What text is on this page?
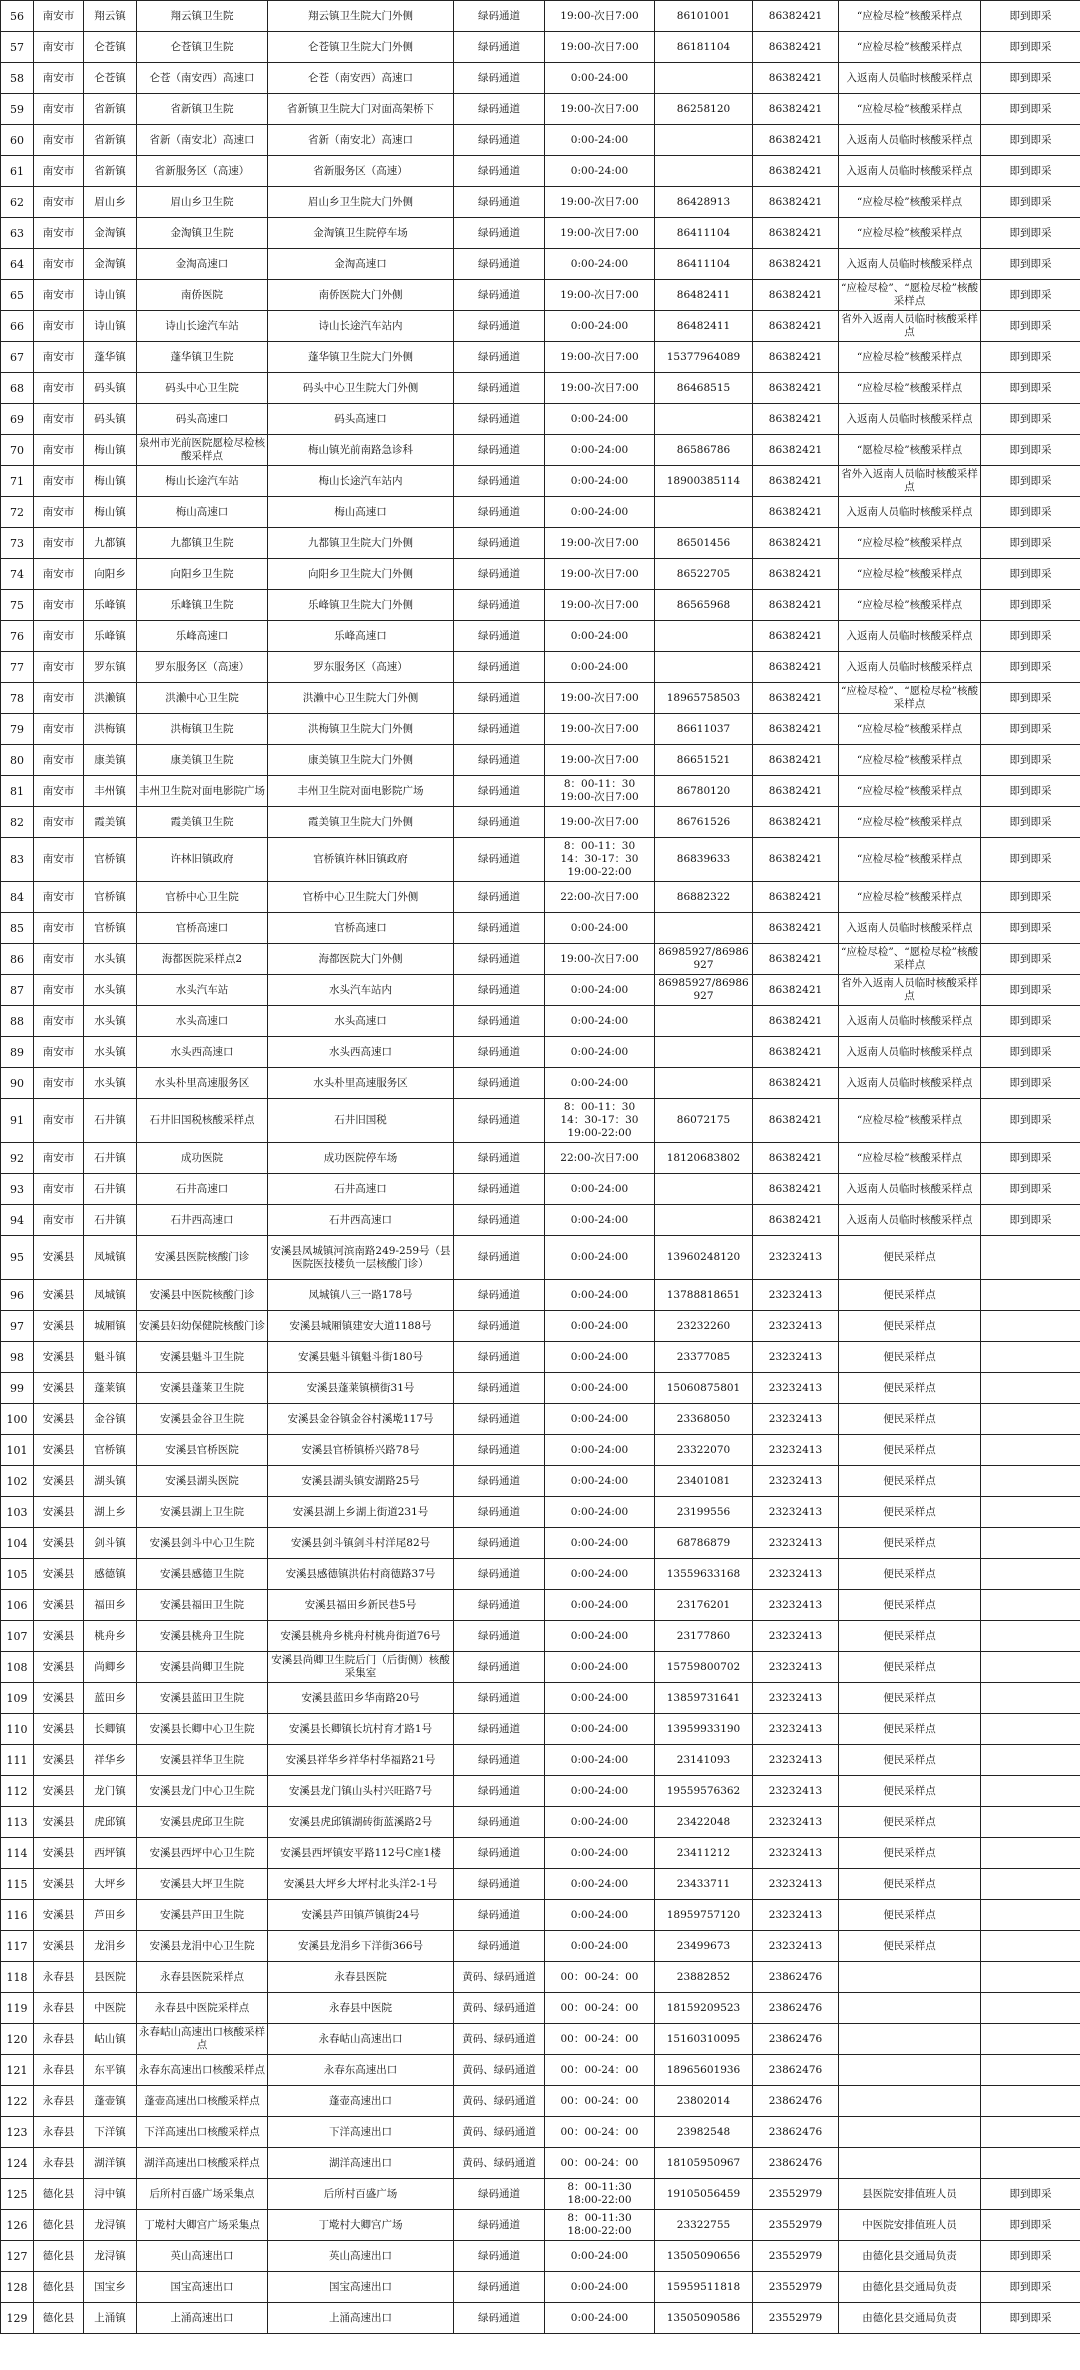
56	南安市	翔云镇	翔云镇卫生院	翔云镇卫生院大门外侧	绿码通道	19:00-次日7:00	86101001	86382421	“应检尽检”核酸采样点	即到即采
57	南安市	仑苍镇	仑苍镇卫生院	仑苍镇卫生院大门外侧	绿码通道	19:00-次日7:00	86181104	86382421	“应检尽检”核酸采样点	即到即采
58	南安市	仑苍镇	仑苍（南安西）高速口	仑苍（南安西）高速口	绿码通道	0:00-24:00		86382421	入返南人员临时核酸采样点	即到即采
59	南安市	省新镇	省新镇卫生院	省新镇卫生院大门对面高架桥下	绿码通道	19:00-次日7:00	86258120	86382421	“应检尽检”核酸采样点	即到即采
60	南安市	省新镇	省新（南安北）高速口	省新（南安北）高速口	绿码通道	0:00-24:00		86382421	入返南人员临时核酸采样点	即到即采
61	南安市	省新镇	省新服务区（高速）	省新服务区（高速）	绿码通道	0:00-24:00		86382421	入返南人员临时核酸采样点	即到即采
62	南安市	眉山乡	眉山乡卫生院	眉山乡卫生院大门外侧	绿码通道	19:00-次日7:00	86428913	86382421	“应检尽检”核酸采样点	即到即采
63	南安市	金淘镇	金淘镇卫生院	金淘镇卫生院停车场	绿码通道	19:00-次日7:00	86411104	86382421	“应检尽检”核酸采样点	即到即采
64	南安市	金淘镇	金淘高速口	金淘高速口	绿码通道	0:00-24:00	86411104	86382421	入返南人员临时核酸采样点	即到即采
65	南安市	诗山镇	南侨医院	南侨医院大门外侧	绿码通道	19:00-次日7:00	86482411	86382421	“应检尽检”、“愿检尽检”核酸采样点	即到即采
66	南安市	诗山镇	诗山长途汽车站	诗山长途汽车站内	绿码通道	0:00-24:00	86482411	86382421	省外入返南人员临时核酸采样点	即到即采
67	南安市	蓬华镇	蓬华镇卫生院	蓬华镇卫生院大门外侧	绿码通道	19:00-次日7:00	15377964089	86382421	“应检尽检”核酸采样点	即到即采
68	南安市	码头镇	码头中心卫生院	码头中心卫生院大门外侧	绿码通道	19:00-次日7:00	86468515	86382421	“应检尽检”核酸采样点	即到即采
69	南安市	码头镇	码头高速口	码头高速口	绿码通道	0:00-24:00		86382421	入返南人员临时核酸采样点	即到即采
70	南安市	梅山镇	泉州市光前医院愿检尽检核酸采样点	梅山镇光前南路急诊科	绿码通道	0:00-24:00	86586786	86382421	“愿检尽检”核酸采样点	即到即采
71	南安市	梅山镇	梅山长途汽车站	梅山长途汽车站内	绿码通道	0:00-24:00	18900385114	86382421	省外入返南人员临时核酸采样点	即到即采
72	南安市	梅山镇	梅山高速口	梅山高速口	绿码通道	0:00-24:00		86382421	入返南人员临时核酸采样点	即到即采
73	南安市	九都镇	九都镇卫生院	九都镇卫生院大门外侧	绿码通道	19:00-次日7:00	86501456	86382421	“应检尽检”核酸采样点	即到即采
74	南安市	向阳乡	向阳乡卫生院	向阳乡卫生院大门外侧	绿码通道	19:00-次日7:00	86522705	86382421	“应检尽检”核酸采样点	即到即采
75	南安市	乐峰镇	乐峰镇卫生院	乐峰镇卫生院大门外侧	绿码通道	19:00-次日7:00	86565968	86382421	“应检尽检”核酸采样点	即到即采
76	南安市	乐峰镇	乐峰高速口	乐峰高速口	绿码通道	0:00-24:00		86382421	入返南人员临时核酸采样点	即到即采
77	南安市	罗东镇	罗东服务区（高速）	罗东服务区（高速）	绿码通道	0:00-24:00		86382421	入返南人员临时核酸采样点	即到即采
78	南安市	洪濑镇	洪濑中心卫生院	洪濑中心卫生院大门外侧	绿码通道	19:00-次日7:00	18965758503	86382421	“应检尽检”、“愿检尽检”核酸采样点	即到即采
79	南安市	洪梅镇	洪梅镇卫生院	洪梅镇卫生院大门外侧	绿码通道	19:00-次日7:00	86611037	86382421	“应检尽检”核酸采样点	即到即采
80	南安市	康美镇	康美镇卫生院	康美镇卫生院大门外侧	绿码通道	19:00-次日7:00	86651521	86382421	“应检尽检”核酸采样点	即到即采
81	南安市	丰州镇	丰州卫生院对面电影院广场	丰州卫生院对面电影院广场	绿码通道	8：00-11：30
19:00-次日7:00	86780120	86382421	“应检尽检”核酸采样点	即到即采
82	南安市	霞美镇	霞美镇卫生院	霞美镇卫生院大门外侧	绿码通道	19:00-次日7:00	86761526	86382421	“应检尽检”核酸采样点	即到即采
83	南安市	官桥镇	许林旧镇政府	官桥镇许林旧镇政府	绿码通道	8：00-11：30
14：30-17：30
19:00-22:00	86839633	86382421	“应检尽检”核酸采样点	即到即采
84	南安市	官桥镇	官桥中心卫生院	官桥中心卫生院大门外侧	绿码通道	22:00-次日7:00	86882322	86382421	“应检尽检”核酸采样点	即到即采
85	南安市	官桥镇	官桥高速口	官桥高速口	绿码通道	0:00-24:00		86382421	入返南人员临时核酸采样点	即到即采
86	南安市	水头镇	海都医院采样点2	海都医院大门外侧	绿码通道	19:00-次日7:00	86985927/86986927	86382421	“应检尽检”、“愿检尽检”核酸采样点	即到即采
87	南安市	水头镇	水头汽车站	水头汽车站内	绿码通道	0:00-24:00	86985927/86986927	86382421	省外入返南人员临时核酸采样点	即到即采
88	南安市	水头镇	水头高速口	水头高速口	绿码通道	0:00-24:00		86382421	入返南人员临时核酸采样点	即到即采
89	南安市	水头镇	水头西高速口	水头西高速口	绿码通道	0:00-24:00		86382421	入返南人员临时核酸采样点	即到即采
90	南安市	水头镇	水头朴里高速服务区	水头朴里高速服务区	绿码通道	0:00-24:00		86382421	入返南人员临时核酸采样点	即到即采
91	南安市	石井镇	石井旧国税核酸采样点	石井旧国税	绿码通道	8：00-11：30
14：30-17：30
19:00-22:00	86072175	86382421	“应检尽检”核酸采样点	即到即采
92	南安市	石井镇	成功医院	成功医院停车场	绿码通道	22:00-次日7:00	18120683802	86382421	“应检尽检”核酸采样点	即到即采
93	南安市	石井镇	石井高速口	石井高速口	绿码通道	0:00-24:00		86382421	入返南人员临时核酸采样点	即到即采
94	南安市	石井镇	石井西高速口	石井西高速口	绿码通道	0:00-24:00		86382421	入返南人员临时核酸采样点	即到即采
95	安溪县	凤城镇	安溪县医院核酸门诊	安溪县凤城镇河滨南路249-259号（县医院医技楼负一层核酸门诊）	绿码通道	0:00-24:00	13960248120	23232413	便民采样点	
96	安溪县	凤城镇	安溪县中医院核酸门诊	凤城镇八三一路178号	绿码通道	0:00-24:00	13788818651	23232413	便民采样点	
97	安溪县	城厢镇	安溪县妇幼保健院核酸门诊	安溪县城厢镇建安大道1188号	绿码通道	0:00-24:00	23232260	23232413	便民采样点	
98	安溪县	魁斗镇	安溪县魁斗卫生院	安溪县魁斗镇魁斗街180号	绿码通道	0:00-24:00	23377085	23232413	便民采样点	
99	安溪县	蓬莱镇	安溪县蓬莱卫生院	安溪县蓬莱镇横街31号	绿码通道	0:00-24:00	15060875801	23232413	便民采样点	
100	安溪县	金谷镇	安溪县金谷卫生院	安溪县金谷镇金谷村溪墘117号	绿码通道	0:00-24:00	23368050	23232413	便民采样点	
101	安溪县	官桥镇	安溪县官桥医院	安溪县官桥镇桥兴路78号	绿码通道	0:00-24:00	23322070	23232413	便民采样点	
102	安溪县	湖头镇	安溪县湖头医院	安溪县湖头镇安湖路25号	绿码通道	0:00-24:00	23401081	23232413	便民采样点	
103	安溪县	湖上乡	安溪县湖上卫生院	安溪县湖上乡湖上街道231号	绿码通道	0:00-24:00	23199556	23232413	便民采样点	
104	安溪县	剑斗镇	安溪县剑斗中心卫生院	安溪县剑斗镇剑斗村洋尾82号	绿码通道	0:00-24:00	68786879	23232413	便民采样点	
105	安溪县	感德镇	安溪县感德卫生院	安溪县感德镇洪佑村商德路37号	绿码通道	0:00-24:00	13559633168	23232413	便民采样点	
106	安溪县	福田乡	安溪县福田卫生院	安溪县福田乡新民巷5号	绿码通道	0:00-24:00	23176201	23232413	便民采样点	
107	安溪县	桃舟乡	安溪县桃舟卫生院	安溪县桃舟乡桃舟村桃舟街道76号	绿码通道	0:00-24:00	23177860	23232413	便民采样点	
108	安溪县	尚卿乡	安溪县尚卿卫生院	安溪县尚卿卫生院后门（后街侧）核酸采集室	绿码通道	0:00-24:00	15759800702	23232413	便民采样点	
109	安溪县	蓝田乡	安溪县蓝田卫生院	安溪县蓝田乡华南路20号	绿码通道	0:00-24:00	13859731641	23232413	便民采样点	
110	安溪县	长卿镇	安溪县长卿中心卫生院	安溪县长卿镇长坑村育才路1号	绿码通道	0:00-24:00	13959933190	23232413	便民采样点	
111	安溪县	祥华乡	安溪县祥华卫生院	安溪县祥华乡祥华村华福路21号	绿码通道	0:00-24:00	23141093	23232413	便民采样点	
112	安溪县	龙门镇	安溪县龙门中心卫生院	安溪县龙门镇山头村兴旺路7号	绿码通道	0:00-24:00	19559576362	23232413	便民采样点	
113	安溪县	虎邱镇	安溪县虎邱卫生院	安溪县虎邱镇湖砖街蓝溪路2号	绿码通道	0:00-24:00	23422048	23232413	便民采样点	
114	安溪县	西坪镇	安溪县西坪中心卫生院	安溪县西坪镇安平路112号C座1楼	绿码通道	0:00-24:00	23411212	23232413	便民采样点	
115	安溪县	大坪乡	安溪县大坪卫生院	安溪县大坪乡大坪村北头洋2-1号	绿码通道	0:00-24:00	23433711	23232413	便民采样点	
116	安溪县	芦田乡	安溪县芦田卫生院	安溪县芦田镇芦镇街24号	绿码通道	0:00-24:00	18959757120	23232413	便民采样点	
117	安溪县	龙涓乡	安溪县龙涓中心卫生院	安溪县龙涓乡下洋街366号	绿码通道	0:00-24:00	23499673	23232413	便民采样点	
118	永春县	县医院	永春县医院采样点	永春县医院	黄码、绿码通道	00：00-24：00	23882852	23862476		
119	永春县	中医院	永春县中医院采样点	永春县中医院	黄码、绿码通道	00：00-24：00	18159209523	23862476		
120	永春县	岵山镇	永春岵山高速出口核酸采样点	永春岵山高速出口	黄码、绿码通道	00：00-24：00	15160310095	23862476		
121	永春县	东平镇	永春东高速出口核酸采样点	永春东高速出口	黄码、绿码通道	00：00-24：00	18965601936	23862476		
122	永春县	蓬壶镇	蓬壶高速出口核酸采样点	蓬壶高速出口	黄码、绿码通道	00：00-24：00	23802014	23862476		
123	永春县	下洋镇	下洋高速出口核酸采样点	下洋高速出口	黄码、绿码通道	00：00-24：00	23982548	23862476		
124	永春县	湖洋镇	湖洋高速出口核酸采样点	湖洋高速出口	黄码、绿码通道	00：00-24：00	18105950967	23862476		
125	德化县	浔中镇	后所村百盛广场采集点	后所村百盛广场	绿码通道	8：00-11:30
18:00-22:00	19105056459	23552979	县医院安排值班人员	即到即采
126	德化县	龙浔镇	丁墘村大卿宫广场采集点	丁墘村大卿宫广场	绿码通道	8：00-11:30
18:00-22:00	23322755	23552979	中医院安排值班人员	即到即采
127	德化县	龙浔镇	英山高速出口	英山高速出口	绿码通道	0:00-24:00	13505090656	23552979	由德化县交通局负责	即到即采
128	德化县	国宝乡	国宝高速出口	国宝高速出口	绿码通道	0:00-24:00	15959511818	23552979	由德化县交通局负责	即到即采
129	德化县	上涌镇	上涌高速出口	上涌高速出口	绿码通道	0:00-24:00	13505090586	23552979	由德化县交通局负责	即到即采
